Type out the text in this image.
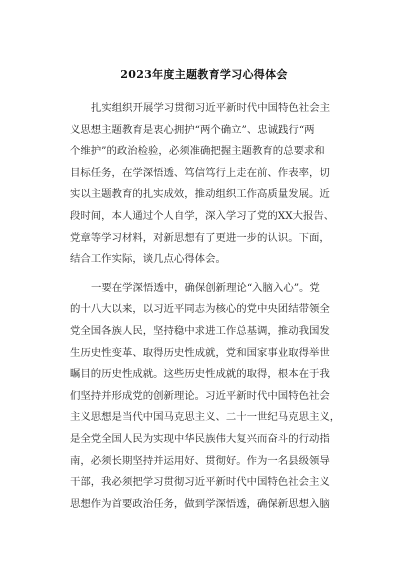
2023年度主题教育学习心得体会
扎实组织开展学习贯彻习近平新时代中国特色社会主
义思想主题教育是衷心拥护“两个确立”、忠诚践行“两
个维护”的政治检验，必须准确把握主题教育的总要求和
目标任务，在学深悟透、笃信笃行上走在前、作表率，切
实以主题教育的扎实成效，推动组织工作高质量发展。近
段时间，本人通过个人自学，深入学习了党的XX大报告、
党章等学习材料，对新思想有了更进一步的认识。下面，
结合工作实际，谈几点心得体会。
一要在学深悟透中，确保创新理论“入脑入心”。党
的十八大以来，以习近平同志为核心的党中央团结带领全
党全国各族人民，坚持稳中求进工作总基调，推动我国发
生历史性变革、取得历史性成就，党和国家事业取得举世
瞩目的历史性成就。这些历史性成就的取得，根本在于我
们坚持并形成党的创新理论。习近平新时代中国特色社会
主义思想是当代中国马克思主义、二十一世纪马克思主义，
是全党全国人民为实现中华民族伟大复兴而奋斗的行动指
南，必须长期坚持并运用好、贯彻好。作为一名县级领导
干部，我必须把学习贯彻习近平新时代中国特色社会主义
思想作为首要政治任务，做到学深悟透，确保新思想入脑
